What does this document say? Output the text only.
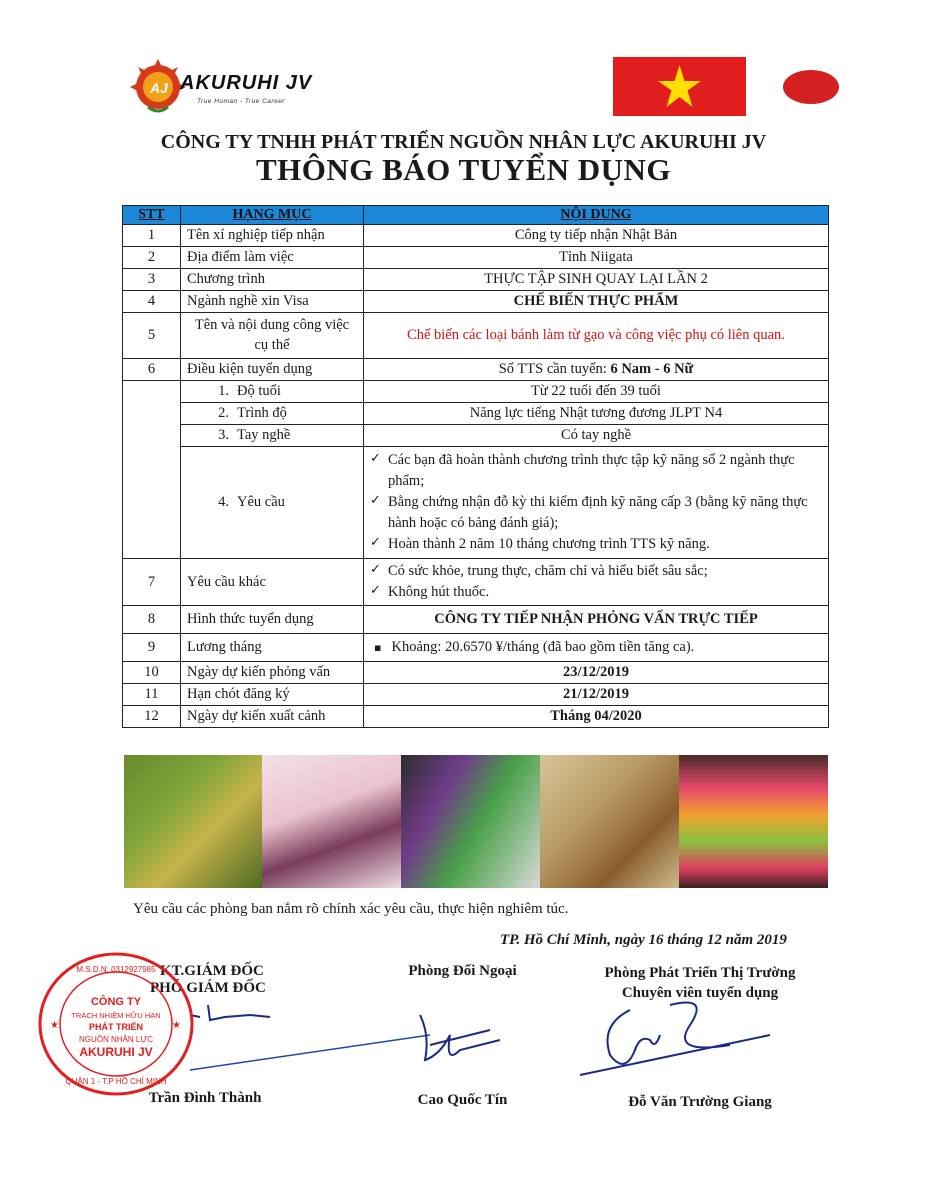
AJ AKURUHI JV
True Human - True Career
CÔNG TY TNHH PHÁT TRIỂN NGUỒN NHÂN LỰC AKURUHI JV
THÔNG BÁO TUYỂN DỤNG
STT	HẠNG MỤC	NỘI DUNG
1	Tên xí nghiệp tiếp nhận	Công ty tiếp nhận Nhật Bản
2	Địa điểm làm việc	Tỉnh Niigata
3	Chương trình	THỰC TẬP SINH QUAY LẠI LẦN 2
4	Ngành nghề xin Visa	CHẾ BIẾN THỰC PHẨM
5	Tên và nội dung công việc cụ thể	Chế biến các loại bánh làm từ gạo và công việc phụ có liên quan.
6	Điều kiện tuyển dụng	Số TTS cần tuyển: 6 Nam - 6 Nữ
	1. Độ tuổi	Từ 22 tuổi đến 39 tuổi
	2. Trình độ	Năng lực tiếng Nhật tương đương JLPT N4
	3. Tay nghề	Có tay nghề
	4. Yêu cầu	✓ Các bạn đã hoàn thành chương trình thực tập kỹ năng số 2 ngành thực phẩm;
✓ Bằng chứng nhận đỗ kỳ thi kiểm định kỹ năng cấp 3 (bằng kỹ năng thực hành hoặc có bảng đánh giá);
✓ Hoàn thành 2 năm 10 tháng chương trình TTS kỹ năng.

7	Yêu cầu khác	✓ Có sức khỏe, trung thực, chăm chỉ và hiểu biết sâu sắc;
✓ Không hút thuốc.

8	Hình thức tuyển dụng	CÔNG TY TIẾP NHẬN PHỎNG VẤN TRỰC TIẾP
9	Lương tháng	▪ Khoảng: 20.6570 ¥/tháng (đã bao gồm tiền tăng ca).
10	Ngày dự kiến phỏng vấn	23/12/2019
11	Hạn chót đăng ký	21/12/2019
12	Ngày dự kiến xuất cảnh	Tháng 04/2020
Yêu cầu các phòng ban nắm rõ chính xác yêu cầu, thực hiện nghiêm túc.
TP. Hồ Chí Minh, ngày 16 tháng 12 năm 2019
KT.GIÁM ĐỐC
PHÓ GIÁM ĐỐC
Phòng Đối Ngoại	Phòng Phát Triển Thị Trường
Chuyên viên tuyển dụng
Trần Đình Thành	Cao Quốc Tín	Đỗ Văn Trường Giang
CÔNG TY
TRÁCH NHIỆM HỮU HẠN
PHÁT TRIỂN
NGUỒN NHÂN LỰC
AKURUHI JV
M.S.D.N: 0312927985
QUẬN 1 - T.P HỒ CHÍ MINH
★	★
